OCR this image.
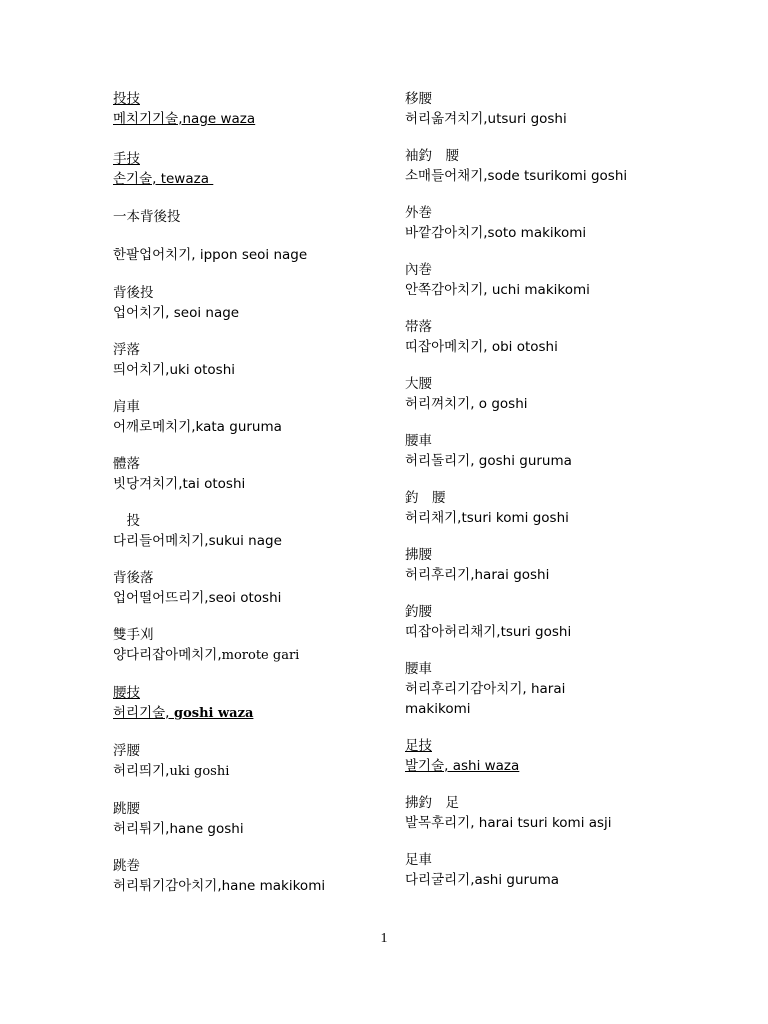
投技

메치기기술,nage waza

手技

손기술, tewaza

一本背後投

한팔업어치기, ippon seoi nage

背後投

업어치기, seoi nage

浮落

띄어치기,uki otoshi

肩車

어깨로메치기,kata guruma

體落

빗당겨치기,tai otoshi

　投

다리들어메치기,sukui nage

背後落

업어떨어뜨리기,seoi otoshi

雙手刈

양다리잡아메치기,morote gari

腰技

허리기술, goshi waza

浮腰

허리띄기,uki goshi

跳腰

허리튀기,hane goshi

跳巻

허리튀기감아치기,hane makikomi

移腰

허리옮겨치기,utsuri goshi

袖釣　腰

소매들어채기,sode tsurikomi goshi

外巻

바깥감아치기,soto makikomi

內巻

안쪽감아치기, uchi makikomi

帯落

띠잡아메치기, obi otoshi

大腰

허리껴치기, o goshi

腰車

허리돌리기, goshi guruma

釣　腰

허리채기,tsuri komi goshi

拂腰

허리후리기,harai goshi

釣腰

띠잡아허리채기,tsuri goshi

腰車

허리후리기감아치기, harai makikomi

足技

발기술, ashi waza

拂釣　足

발목후리기, harai tsuri komi asji

足車

다리굴리기,ashi guruma

1
